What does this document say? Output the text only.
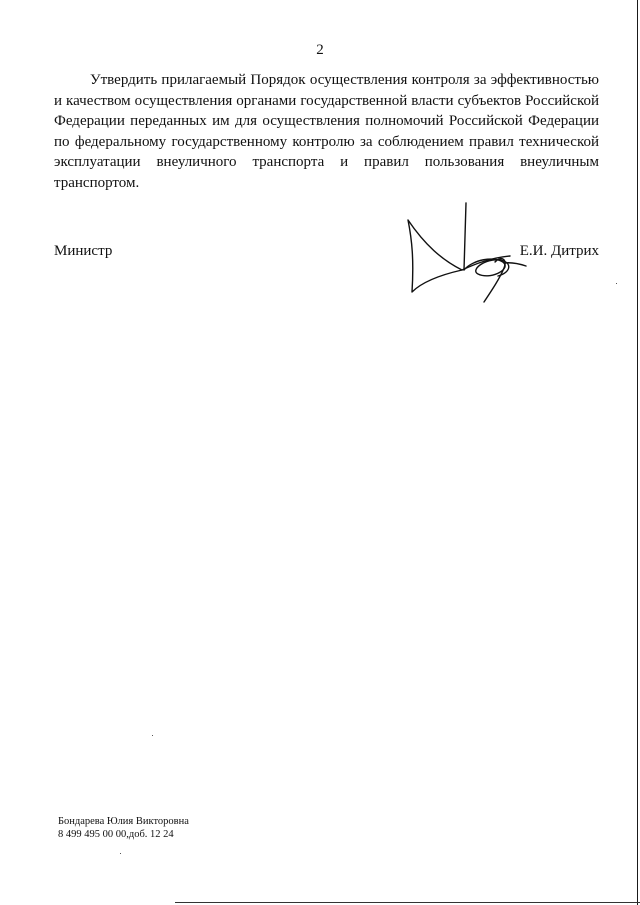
2

Утвердить прилагаемый Порядок осуществления контроля за эффективностью и качеством осуществления органами государственной власти субъектов Российской Федерации переданных им для осуществления полномочий Российской Федерации по федеральному государственному контролю за соблюдением правил технической эксплуатации внеуличного транспорта и правил пользования внеуличным транспортом.

Министр	Е.И. Дитрих
Бондарева Юлия Викторовна
8 499 495 00 00,доб. 12 24
